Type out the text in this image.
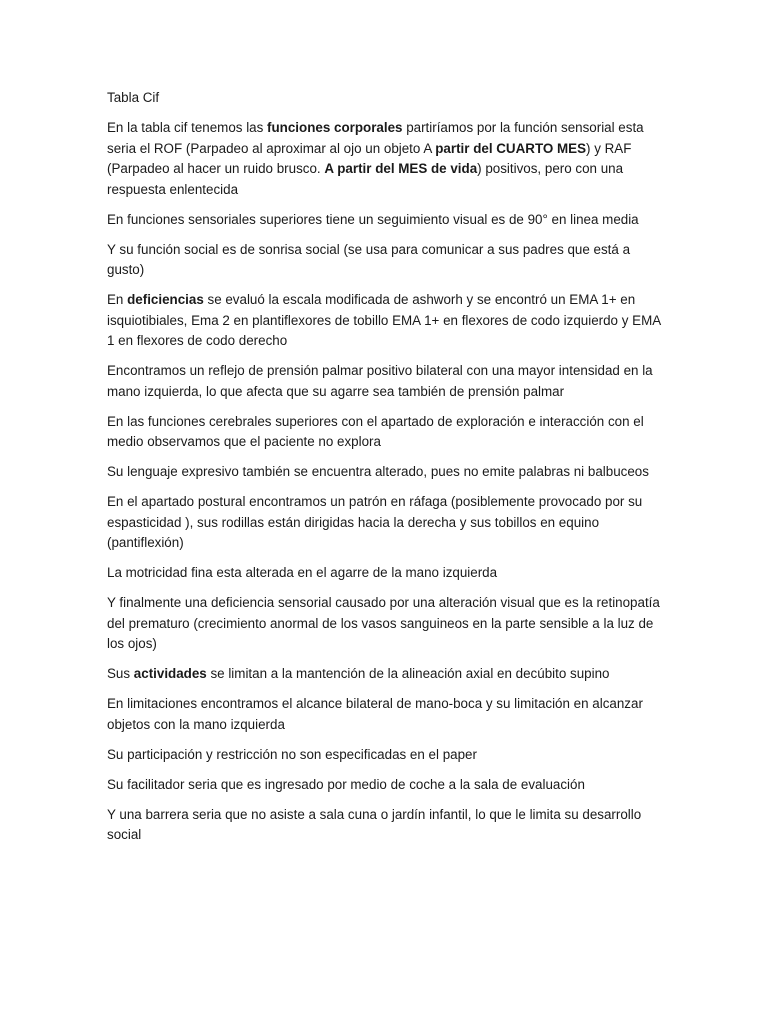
Tabla Cif
En la tabla cif tenemos las funciones corporales partiríamos por la función sensorial esta seria el ROF (Parpadeo al aproximar al ojo un objeto A partir del CUARTO MES) y RAF (Parpadeo al hacer un ruido brusco. A partir del MES de vida) positivos, pero con una respuesta enlentecida
En funciones sensoriales superiores tiene un seguimiento visual es de 90° en linea media
Y su función social es de sonrisa social (se usa para comunicar a sus padres que está a gusto)
En deficiencias se evaluó la escala modificada de ashworh y se encontró un EMA 1+ en isquiotibiales, Ema 2 en plantiflexores de tobillo EMA 1+ en flexores de codo izquierdo y EMA 1 en flexores de codo derecho
Encontramos un reflejo de prensión palmar positivo bilateral con una mayor intensidad en la mano izquierda, lo que afecta que su agarre sea también de prensión palmar
En las funciones cerebrales superiores con el apartado de exploración e interacción con el medio observamos que el paciente no explora
Su lenguaje expresivo también se encuentra alterado, pues no emite palabras ni balbuceos
En el apartado postural encontramos un patrón en ráfaga (posiblemente provocado por su espasticidad ), sus rodillas están dirigidas hacia la derecha y sus tobillos en equino (pantiflexión)
La motricidad fina esta alterada en el agarre de la mano izquierda
Y finalmente una deficiencia sensorial causado por una alteración visual que es la retinopatía del prematuro (crecimiento anormal de los vasos sanguineos en la parte sensible a la luz de los ojos)
Sus actividades se limitan a la mantención de la alineación axial en decúbito supino
En limitaciones encontramos el alcance bilateral de mano-boca y su limitación en alcanzar objetos con la mano izquierda
Su participación y restricción no son especificadas en el paper
Su facilitador seria que es ingresado por medio de coche a la sala de evaluación
Y una barrera seria que no asiste a sala cuna o jardín infantil, lo que le limita su desarrollo social
